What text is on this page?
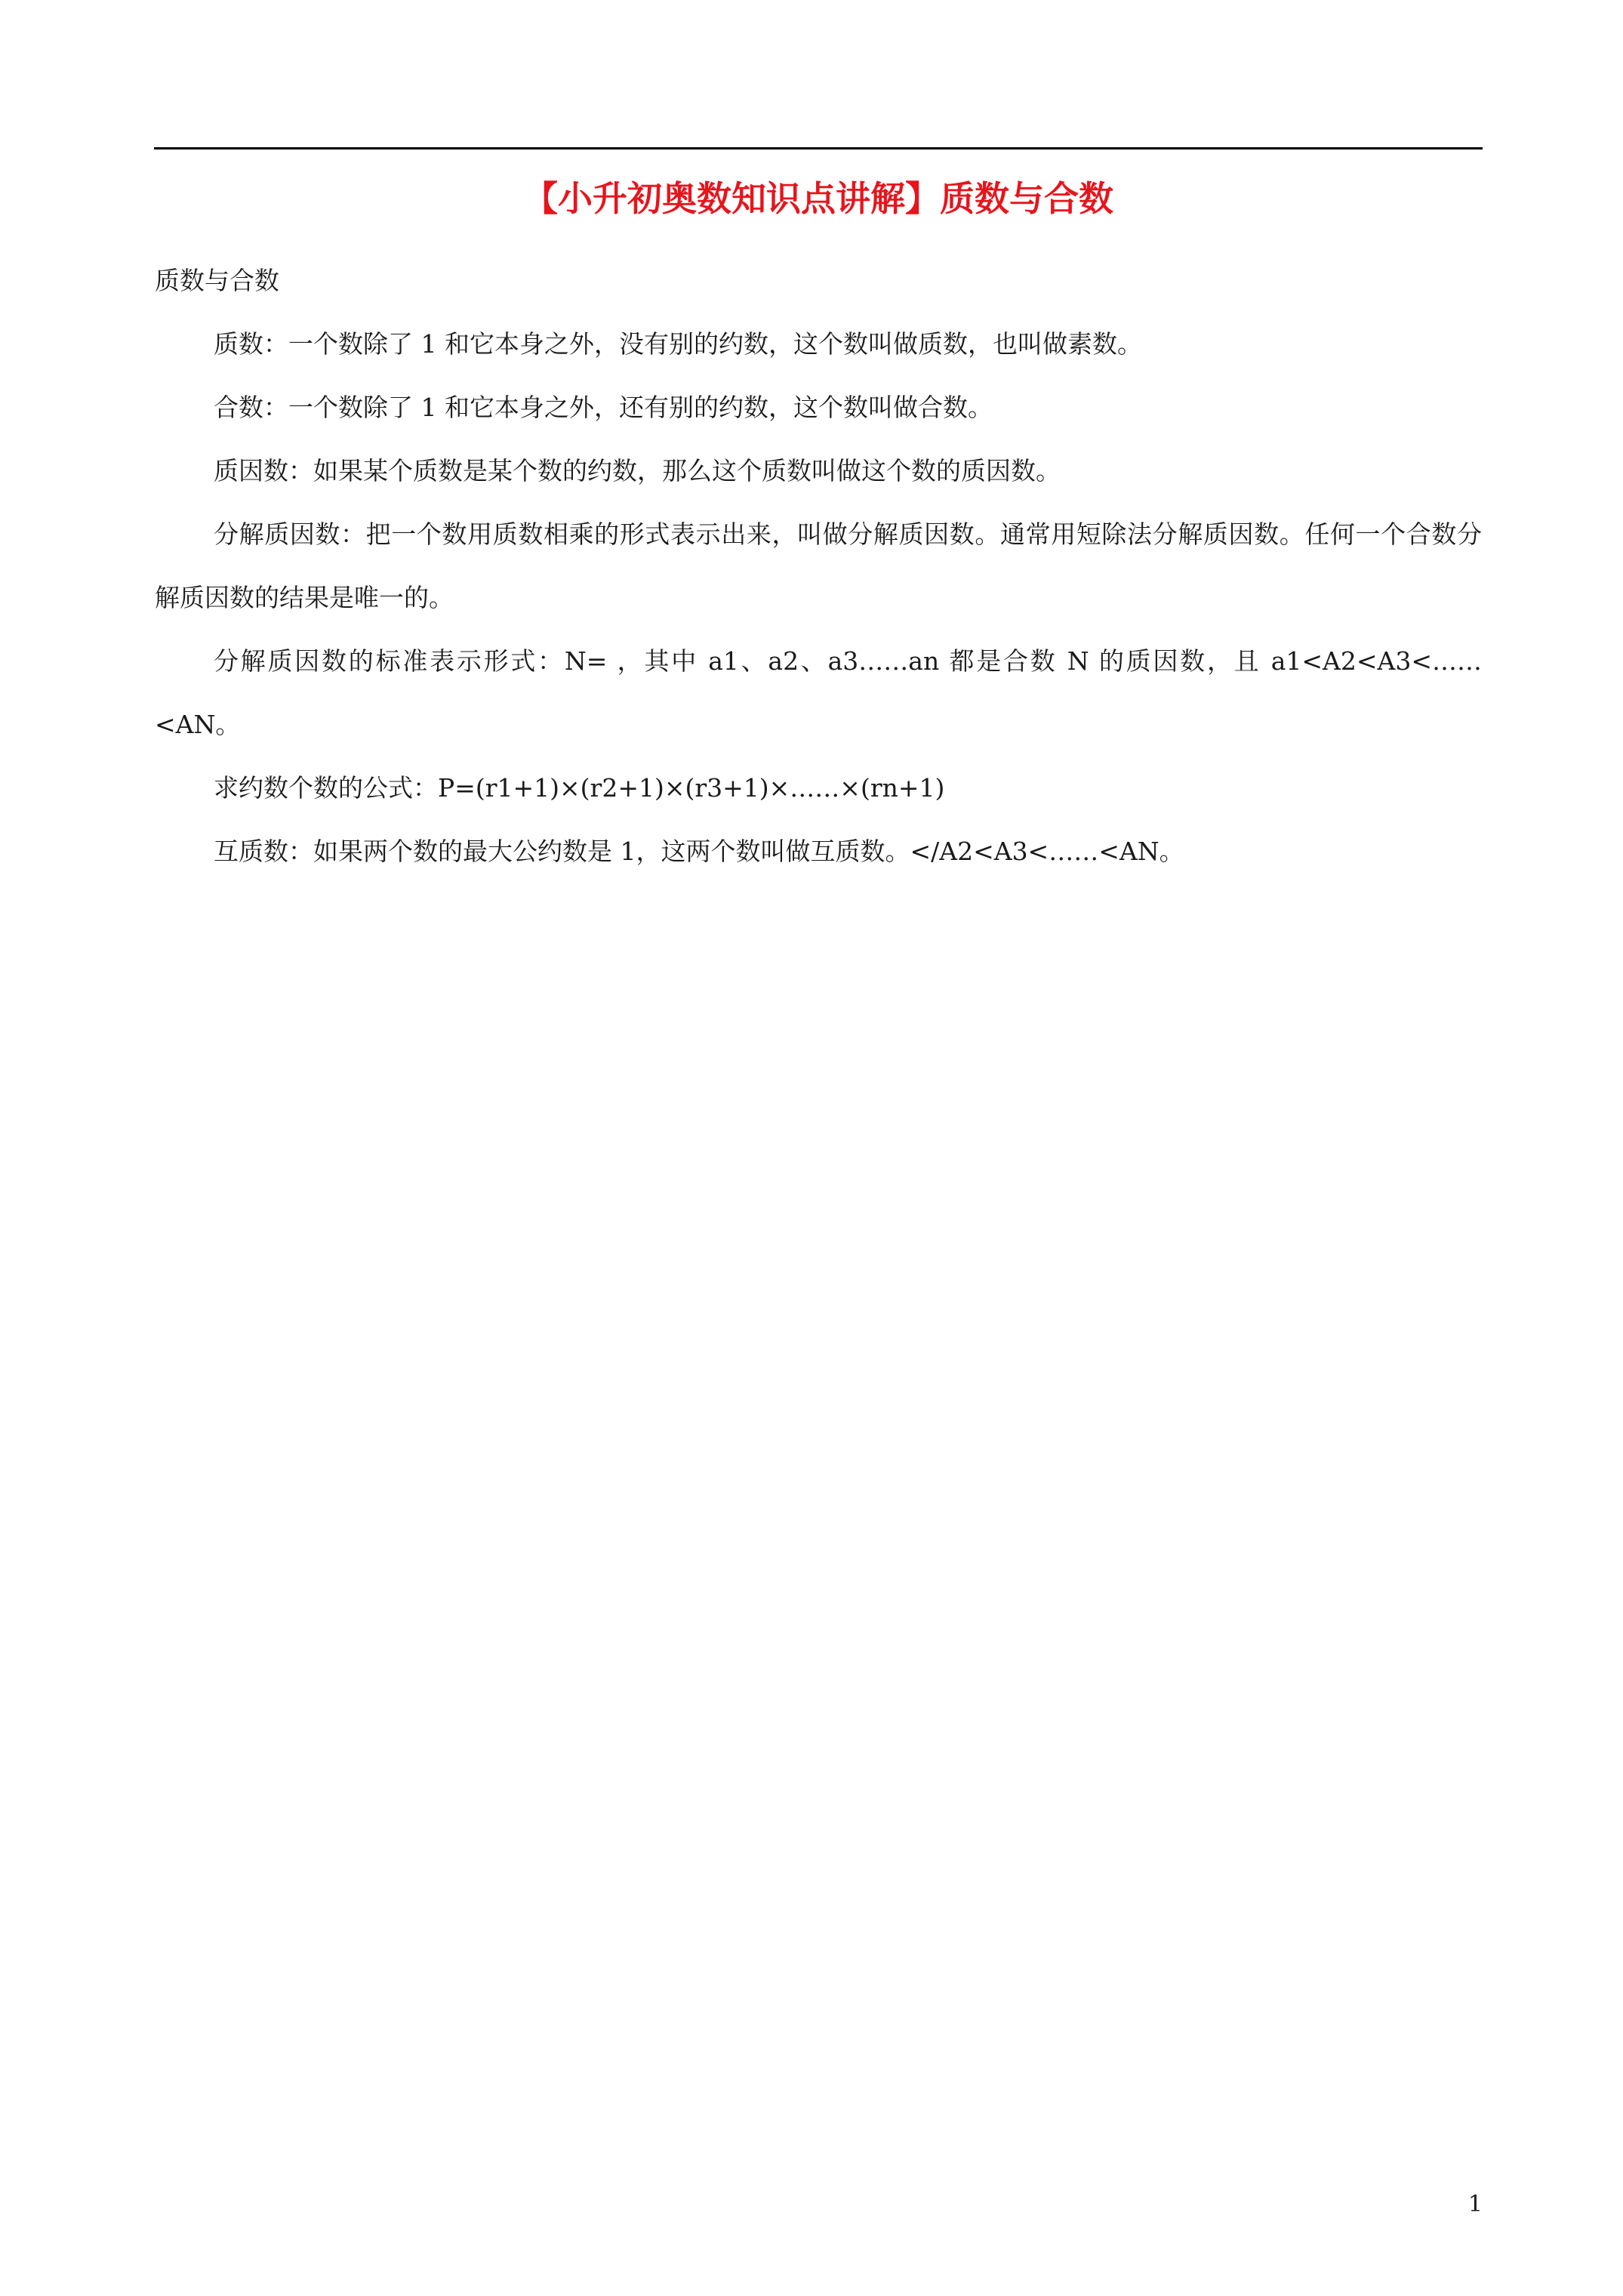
【小升初奥数知识点讲解】质数与合数

质数与合数

质数：一个数除了 1 和它本身之外，没有别的约数，这个数叫做质数，也叫做素数。

合数：一个数除了 1 和它本身之外，还有别的约数，这个数叫做合数。

质因数：如果某个质数是某个数的约数，那么这个质数叫做这个数的质因数。

分解质因数：把一个数用质数相乘的形式表示出来，叫做分解质因数。通常用短除法分解质因数。任何一个合数分解质因数的结果是唯一的。

分解质因数的标准表示形式：N= ，其中 a1、a2、a3……an 都是合数 N 的质因数，且 a1<A2<A3<……<AN。

求约数个数的公式：P=(r1+1)×(r2+1)×(r3+1)×……×(rn+1)

互质数：如果两个数的最大公约数是 1，这两个数叫做互质数。</A2<A3<……<AN。

1
